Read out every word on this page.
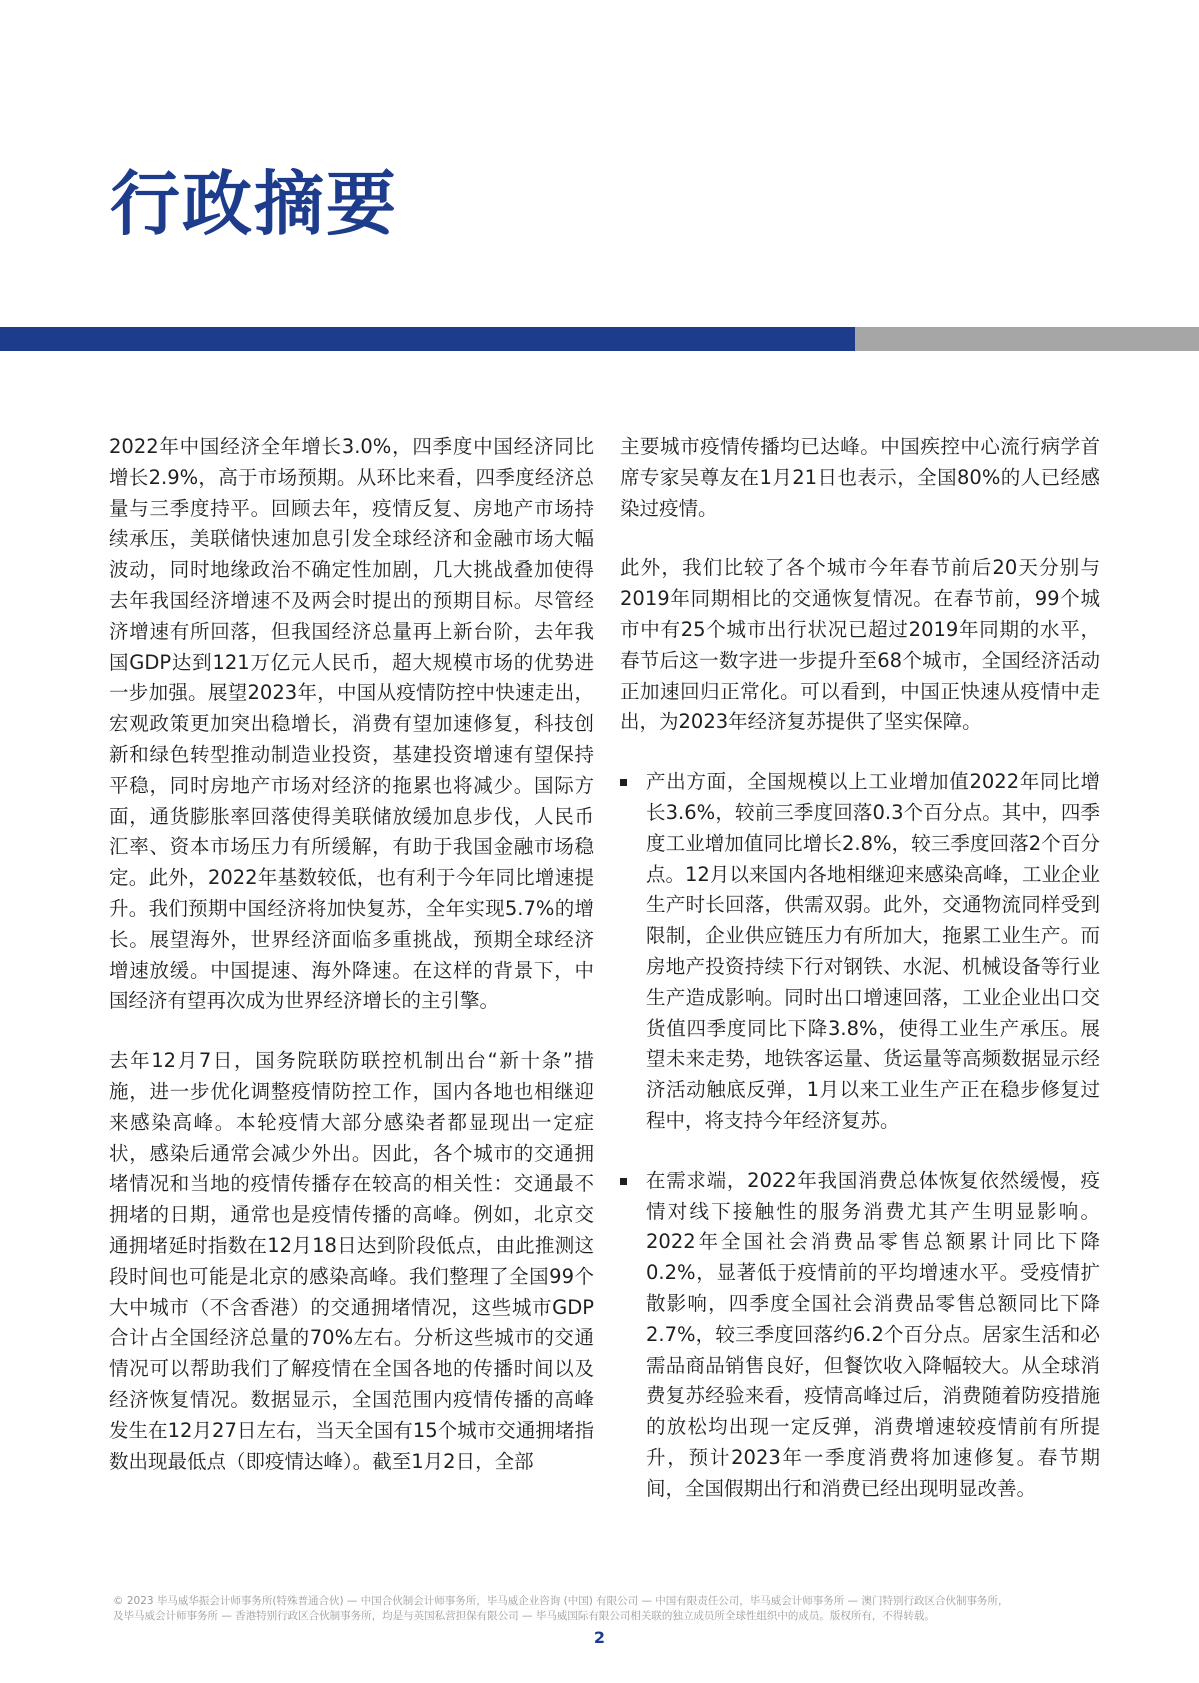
行政摘要

2022年中国经济全年增长3.0%，四季度中国经济同比增长2.9%，高于市场预期。从环比来看，四季度经济总量与三季度持平。回顾去年，疫情反复、房地产市场持续承压，美联储快速加息引发全球经济和金融市场大幅波动，同时地缘政治不确定性加剧，几大挑战叠加使得去年我国经济增速不及两会时提出的预期目标。尽管经济增速有所回落，但我国经济总量再上新台阶，去年我国GDP达到121万亿元人民币，超大规模市场的优势进一步加强。展望2023年，中国从疫情防控中快速走出，宏观政策更加突出稳增长，消费有望加速修复，科技创新和绿色转型推动制造业投资，基建投资增速有望保持平稳，同时房地产市场对经济的拖累也将减少。国际方面，通货膨胀率回落使得美联储放缓加息步伐，人民币汇率、资本市场压力有所缓解，有助于我国金融市场稳定。此外，2022年基数较低，也有利于今年同比增速提升。我们预期中国经济将加快复苏，全年实现5.7%的增长。展望海外，世界经济面临多重挑战，预期全球经济增速放缓。中国提速、海外降速。在这样的背景下，中国经济有望再次成为世界经济增长的主引擎。

去年12月7日，国务院联防联控机制出台“新十条”措施，进一步优化调整疫情防控工作，国内各地也相继迎来感染高峰。本轮疫情大部分感染者都显现出一定症状，感染后通常会减少外出。因此，各个城市的交通拥堵情况和当地的疫情传播存在较高的相关性：交通最不拥堵的日期，通常也是疫情传播的高峰。例如，北京交通拥堵延时指数在12月18日达到阶段低点，由此推测这段时间也可能是北京的感染高峰。我们整理了全国99个大中城市（不含香港）的交通拥堵情况，这些城市GDP合计占全国经济总量的70%左右。分析这些城市的交通情况可以帮助我们了解疫情在全国各地的传播时间以及经济恢复情况。数据显示，全国范围内疫情传播的高峰发生在12月27日左右，当天全国有15个城市交通拥堵指数出现最低点（即疫情达峰）。截至1月2日，全部

主要城市疫情传播均已达峰。中国疾控中心流行病学首席专家吴尊友在1月21日也表示，全国80%的人已经感染过疫情。

此外，我们比较了各个城市今年春节前后20天分别与2019年同期相比的交通恢复情况。在春节前，99个城市中有25个城市出行状况已超过2019年同期的水平，春节后这一数字进一步提升至68个城市，全国经济活动正加速回归正常化。可以看到，中国正快速从疫情中走出，为2023年经济复苏提供了坚实保障。

产出方面，全国规模以上工业增加值2022年同比增长3.6%，较前三季度回落0.3个百分点。其中，四季度工业增加值同比增长2.8%，较三季度回落2个百分点。12月以来国内各地相继迎来感染高峰，工业企业生产时长回落，供需双弱。此外，交通物流同样受到限制，企业供应链压力有所加大，拖累工业生产。而房地产投资持续下行对钢铁、水泥、机械设备等行业生产造成影响。同时出口增速回落，工业企业出口交货值四季度同比下降3.8%，使得工业生产承压。展望未来走势，地铁客运量、货运量等高频数据显示经济活动触底反弹，1月以来工业生产正在稳步修复过程中，将支持今年经济复苏。
在需求端，2022年我国消费总体恢复依然缓慢，疫情对线下接触性的服务消费尤其产生明显影响。2022年全国社会消费品零售总额累计同比下降0.2%，显著低于疫情前的平均增速水平。受疫情扩散影响，四季度全国社会消费品零售总额同比下降2.7%，较三季度回落约6.2个百分点。居家生活和必需品商品销售良好，但餐饮收入降幅较大。从全球消费复苏经验来看，疫情高峰过后，消费随着防疫措施的放松均出现一定反弹，消费增速较疫情前有所提升，预计2023年一季度消费将加速修复。春节期间，全国假期出行和消费已经出现明显改善。
© 2023 毕马威华振会计师事务所(特殊普通合伙) — 中国合伙制会计师事务所，毕马威企业咨询 (中国) 有限公司 — 中国有限责任公司，毕马威会计师事务所 — 澳门特别行政区合伙制事务所，
及毕马威会计师事务所 — 香港特别行政区合伙制事务所，均是与英国私营担保有限公司 — 毕马威国际有限公司相关联的独立成员所全球性组织中的成员。版权所有，不得转载。
2
